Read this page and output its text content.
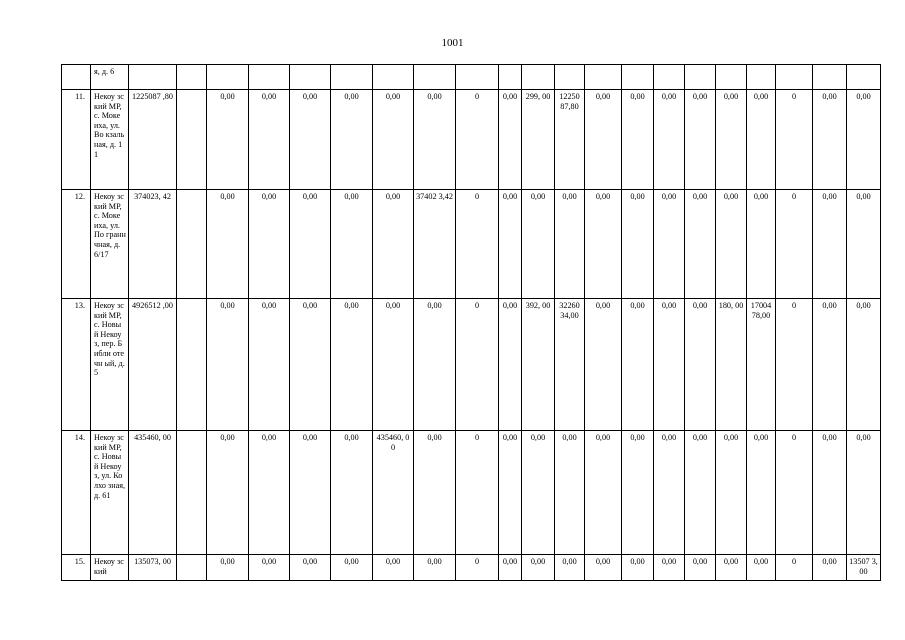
1001
	я, д. 6																						
11.	Некоу зский МР, с. Моке иха, ул. Во кзаль ная, д. 11	1225087 ,80		0,00	0,00	0,00	0,00	0,00	0,00	0	0,00	299, 00	12250 87,80	0,00	0,00	0,00	0,00	0,00	0,00	0	0,00	0,00	
12.	Некоу зский МР, с. Моке иха, ул. По гранн чная, д. 6/17	374023, 42		0,00	0,00	0,00	0,00	0,00	37402 3,42	0	0,00	0,00	0,00	0,00	0,00	0,00	0,00	0,00	0,00	0	0,00	0,00	
13.	Некоу зский МР, с. Новы й Некоу з, пер. Библи отечн ый, д. 5	4926512 ,00		0,00	0,00	0,00	0,00	0,00	0,00	0	0,00	392, 00	32260 34,00	0,00	0,00	0,00	0,00	180, 00	17004 78,00	0	0,00	0,00	
14.	Некоу зский МР, с. Новы й Некоу з, ул. Колхо зная, д. 61	435460, 00		0,00	0,00	0,00	0,00	435460, 00	0,00	0	0,00	0,00	0,00	0,00	0,00	0,00	0,00	0,00	0,00	0	0,00	0,00	
15.	Некоу зский	135073, 00		0,00	0,00	0,00	0,00	0,00	0,00	0	0,00	0,00	0,00	0,00	0,00	0,00	0,00	0,00	0,00	0	0,00	13507 3,00	
